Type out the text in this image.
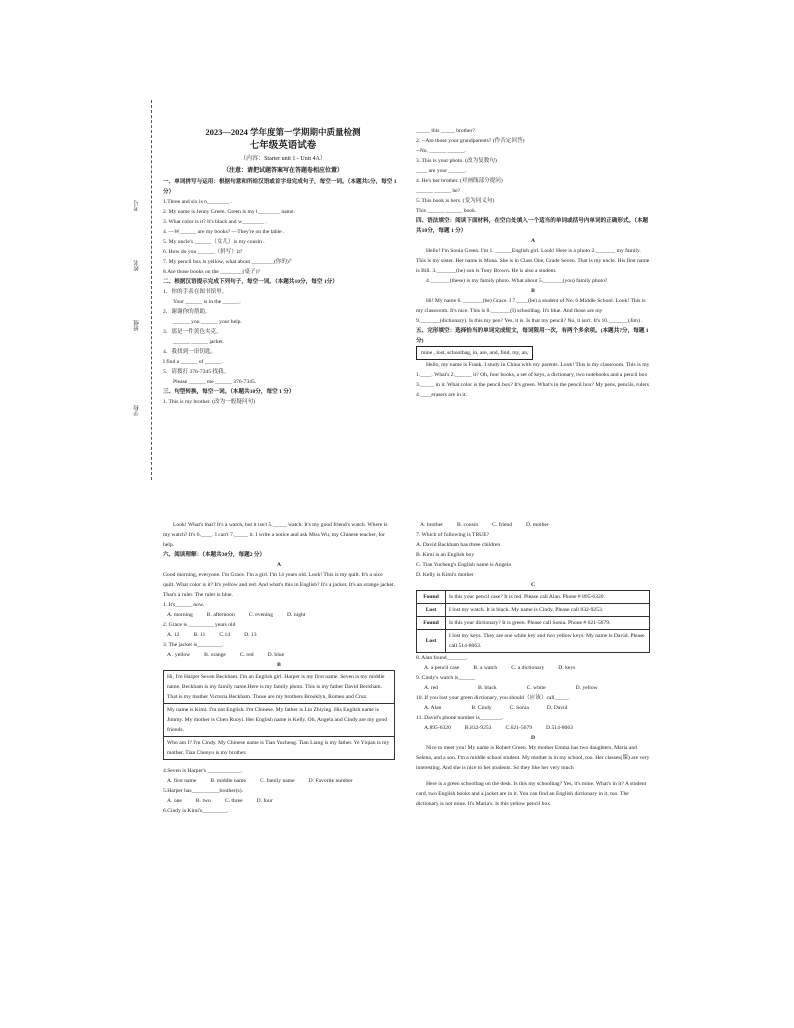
考号
姓名
班级
学校
2023—2024 学年度第一学期期中质量检测
七年级英语试卷
（内容：Starter unit 1 - Unit 4A）
（注意：请把试题答案写在答题卷相应位置）
一、单词拼写与运用：根据句意和所给汉语或首字母完成句子，每空一词。（本题共5分，每空 1分）
1.Three and six is n________ .
2. My name is Jenny Green. Green is my l________ name.
3. What color is it? It's black and w________ .
4. —W______ are my books? —They're on the table .
5. My uncle's ______（女儿）is my cousin .
6. How do you ______（拼写）it?
7. My pencil box is yellow, what about ________(你的)？
8.Are those books on the ________(桌子)?
二、根据汉语提示完成下列句子，每空一词。（本题共10分，每空 1分）
1．你的手表在图书馆里。
Your ______ is in the ______.
2．谢谢你的帮助。
______ you ______ your help.
3．那是一件黄色夹克。
______ ______ jacket.
4．我找到一串钥匙。
I find a ______ of ______.
5．请拨打 376-7345 找我。
Please ______ me ______ 376-7345.
三、句型转换，每空一词。（本题共10分，每空 1 分）
1. This is my brother. (改为一般疑问句)
_____ this _____ brother?
2. --Are those your grandparents? (作否定回答)
--No, ______ ______.
3. This is your photo. (改为复数句)
____ are your ______.
4. He's her brother. (对画线部分提问)
______ ______ he?
5. This book is hers. (变为同义句)
This ______ ______ book.
四、语法填空：阅读下面材料，在空白处填入一个适当的单词或括号内单词的正确形式。（本题共10分，每题 1 分）
A
Hello! I'm Sonia Green. I'm 1. ______English girl. Look! Here is a photo 2._______ my family. This is my sister. Her name is Mona. She is in Class One, Grade Seven. That is my uncle. His first name is Bill. 3._______(he) son is Tony Brown. He is also a student.
4._______(these) is my family photo. What about 5._______(you) family photo?
B
Hi! My name 6. _______(be) Grace. I 7.____(be) a student of No. 6 Middle School. Look! This is my classroom. It's nice. This is 8._______(I) schoolbag. It's blue. And those are my 9._______(dictionary). Is this my pen? Yes, it is. Is that my pencil? No, it isn't. It's 10._______(Jim) .
五、完形填空：选择恰当的单词完成短文，每词限用一次，有两个多余项。(本题共7分，每题 1 分)
mine , lost, schoolbag, in, are, and, find, my, an,
Hello, my name is Frank. I study in China with my parents. Look! This is my classroom. This is my 1.____. What's 2.______ it? Oh, four books, a set of keys, a dictionary, two notebooks and a pencil box 3._____ in it. What color is the pencil box? It's green. What's in the pencil box? My pens, pencils, rulers 4.____erasers are in it.
Look! What's that? It's a watch, but it isn't 5._____ watch. It's my good friend's watch. Where is my watch? It's 6.____. I can't 7._____ it. I write a notice and ask Miss Wu, my Chinese teacher, for help.
六、阅读理解：（本题共30分，每题2 分）
A
Good morning, everyone. I'm Grace. I'm a girl. I'm 14 years old. Look! This is my quilt. It's a nice quilt. What color is it? It's yellow and red. And what's this in English? It's a jacket. It's an orange jacket. That's a ruler. The ruler is blue.
1. It's______ now.
A. morning	B. afternoon	C. evening	D. night
2. Grace is _________ years old
A. 12	B. 11	C.14	D. 13
3. The jacket is_________.
A . yellow	B. orange	C. red	D. blue
B
Hi, I'm Harper Seven Beckham. I'm an English girl. Harper is my first name. Seven is my middle name. Beckham is my family name.Here is my family photo. This is my father David Beckham. That is my mother Victoria Beckham. Those are my brothers Brooklyn, Romeo and Cruz.
My name is Kimi. I'm not English. I'm Chinese. My father is Lin Zhiying. His English name is Jimmy. My mother is Chen Ruoyi. Her English name is Kelly. Oh, Angela and Cindy are my good friends.
Who am I? I'm Cindy. My Chinese name is Tian Yucheng. Tian Liang is my father. Ye Yiqian is my mother. Tian Chenyu is my brother.
4.Seven is Harper's ____________.
A. first name	B. middle name	C. family name	D. Favorite number
5.Harper has__________brother(s).
A. one	B. two	C. three	D. four
6.Cindy is Kimi's_________.
A. brother	B. cousin	C. friend	D. mother
7. Which of following is TRUE?
A. David Backham has three children
B. Kimi is an English boy
C. Tian Yucheng's English name is Angela
D. Kelly is Kimi's mother
C
Found	Is this your pencil case? It is red. Please call Alan. Phone # 895-6320.
Lost	I lost my watch. It is black. My name is Cindy. Please call 832-9253.
Found	Is this your dictionary? It is green. Please call Sonia. Phone # 621-5679.
Lost	I lost my keys. They are one white key and two yellow keys. My name is David. Please call 514-8063.
8. Alan found_______.
A. a pencil case	B. a watch	C. a dictionary	D. keys
9. Cindy's watch is______
A. red	B. black	C. white	D. yellow
10. If you lost your green dictionary, you should（应该）call_____.
A. Alan	B. Cindy	C. Sonia	D. David
11. David's phone number is________.
A.895-6320	B.832-9253	C.621-5679	D.514-8063
D
Nice to meet you! My name is Robert Green. My mother Emma has two daughters, Maria and Selena, and a son. I'm a middle school student. My mother is in my school, too. Her classes(课) are very interesting. And she is nice to her students. So they like her very much
Here is a green schoolbag on the desk. Is this my schoolbag? Yes, it's mine. What's in it? A student card, two English books and a jacket are in it. You can find an English dictionary in it, too. The dictionary is not mine. It's Maria's. Is this yellow pencil box
